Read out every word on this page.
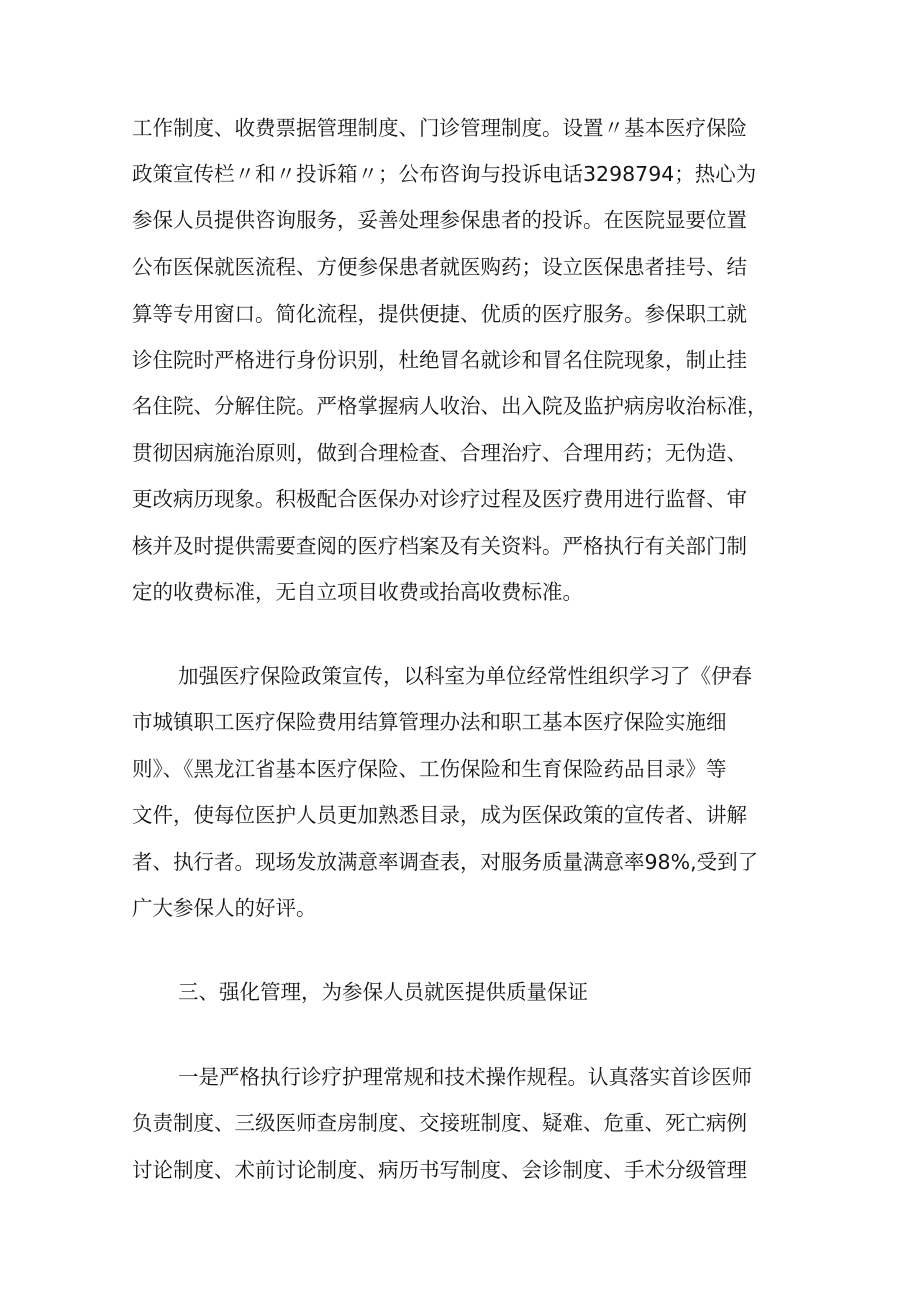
工作制度、收费票据管理制度、门诊管理制度。设置〃基本医疗保险
政策宣传栏〃和〃投诉箱〃；公布咨询与投诉电话3298794；热心为
参保人员提供咨询服务，妥善处理参保患者的投诉。在医院显要位置
公布医保就医流程、方便参保患者就医购药；设立医保患者挂号、结
算等专用窗口。简化流程，提供便捷、优质的医疗服务。参保职工就
诊住院时严格进行身份识别，杜绝冒名就诊和冒名住院现象，制止挂
名住院、分解住院。严格掌握病人收治、出入院及监护病房收治标准，
贯彻因病施治原则，做到合理检查、合理治疗、合理用药；无伪造、
更改病历现象。积极配合医保办对诊疗过程及医疗费用进行监督、审
核并及时提供需要查阅的医疗档案及有关资料。严格执行有关部门制
定的收费标准，无自立项目收费或抬高收费标准。
加强医疗保险政策宣传，以科室为单位经常性组织学习了《伊春
市城镇职工医疗保险费用结算管理办法和职工基本医疗保险实施细
则》、《黑龙江省基本医疗保险、工伤保险和生育保险药品目录》等
文件，使每位医护人员更加熟悉目录，成为医保政策的宣传者、讲解
者、执行者。现场发放满意率调查表，对服务质量满意率98%,受到了
广大参保人的好评。
三、强化管理，为参保人员就医提供质量保证
一是严格执行诊疗护理常规和技术操作规程。认真落实首诊医师
负责制度、三级医师查房制度、交接班制度、疑难、危重、死亡病例
讨论制度、术前讨论制度、病历书写制度、会诊制度、手术分级管理
